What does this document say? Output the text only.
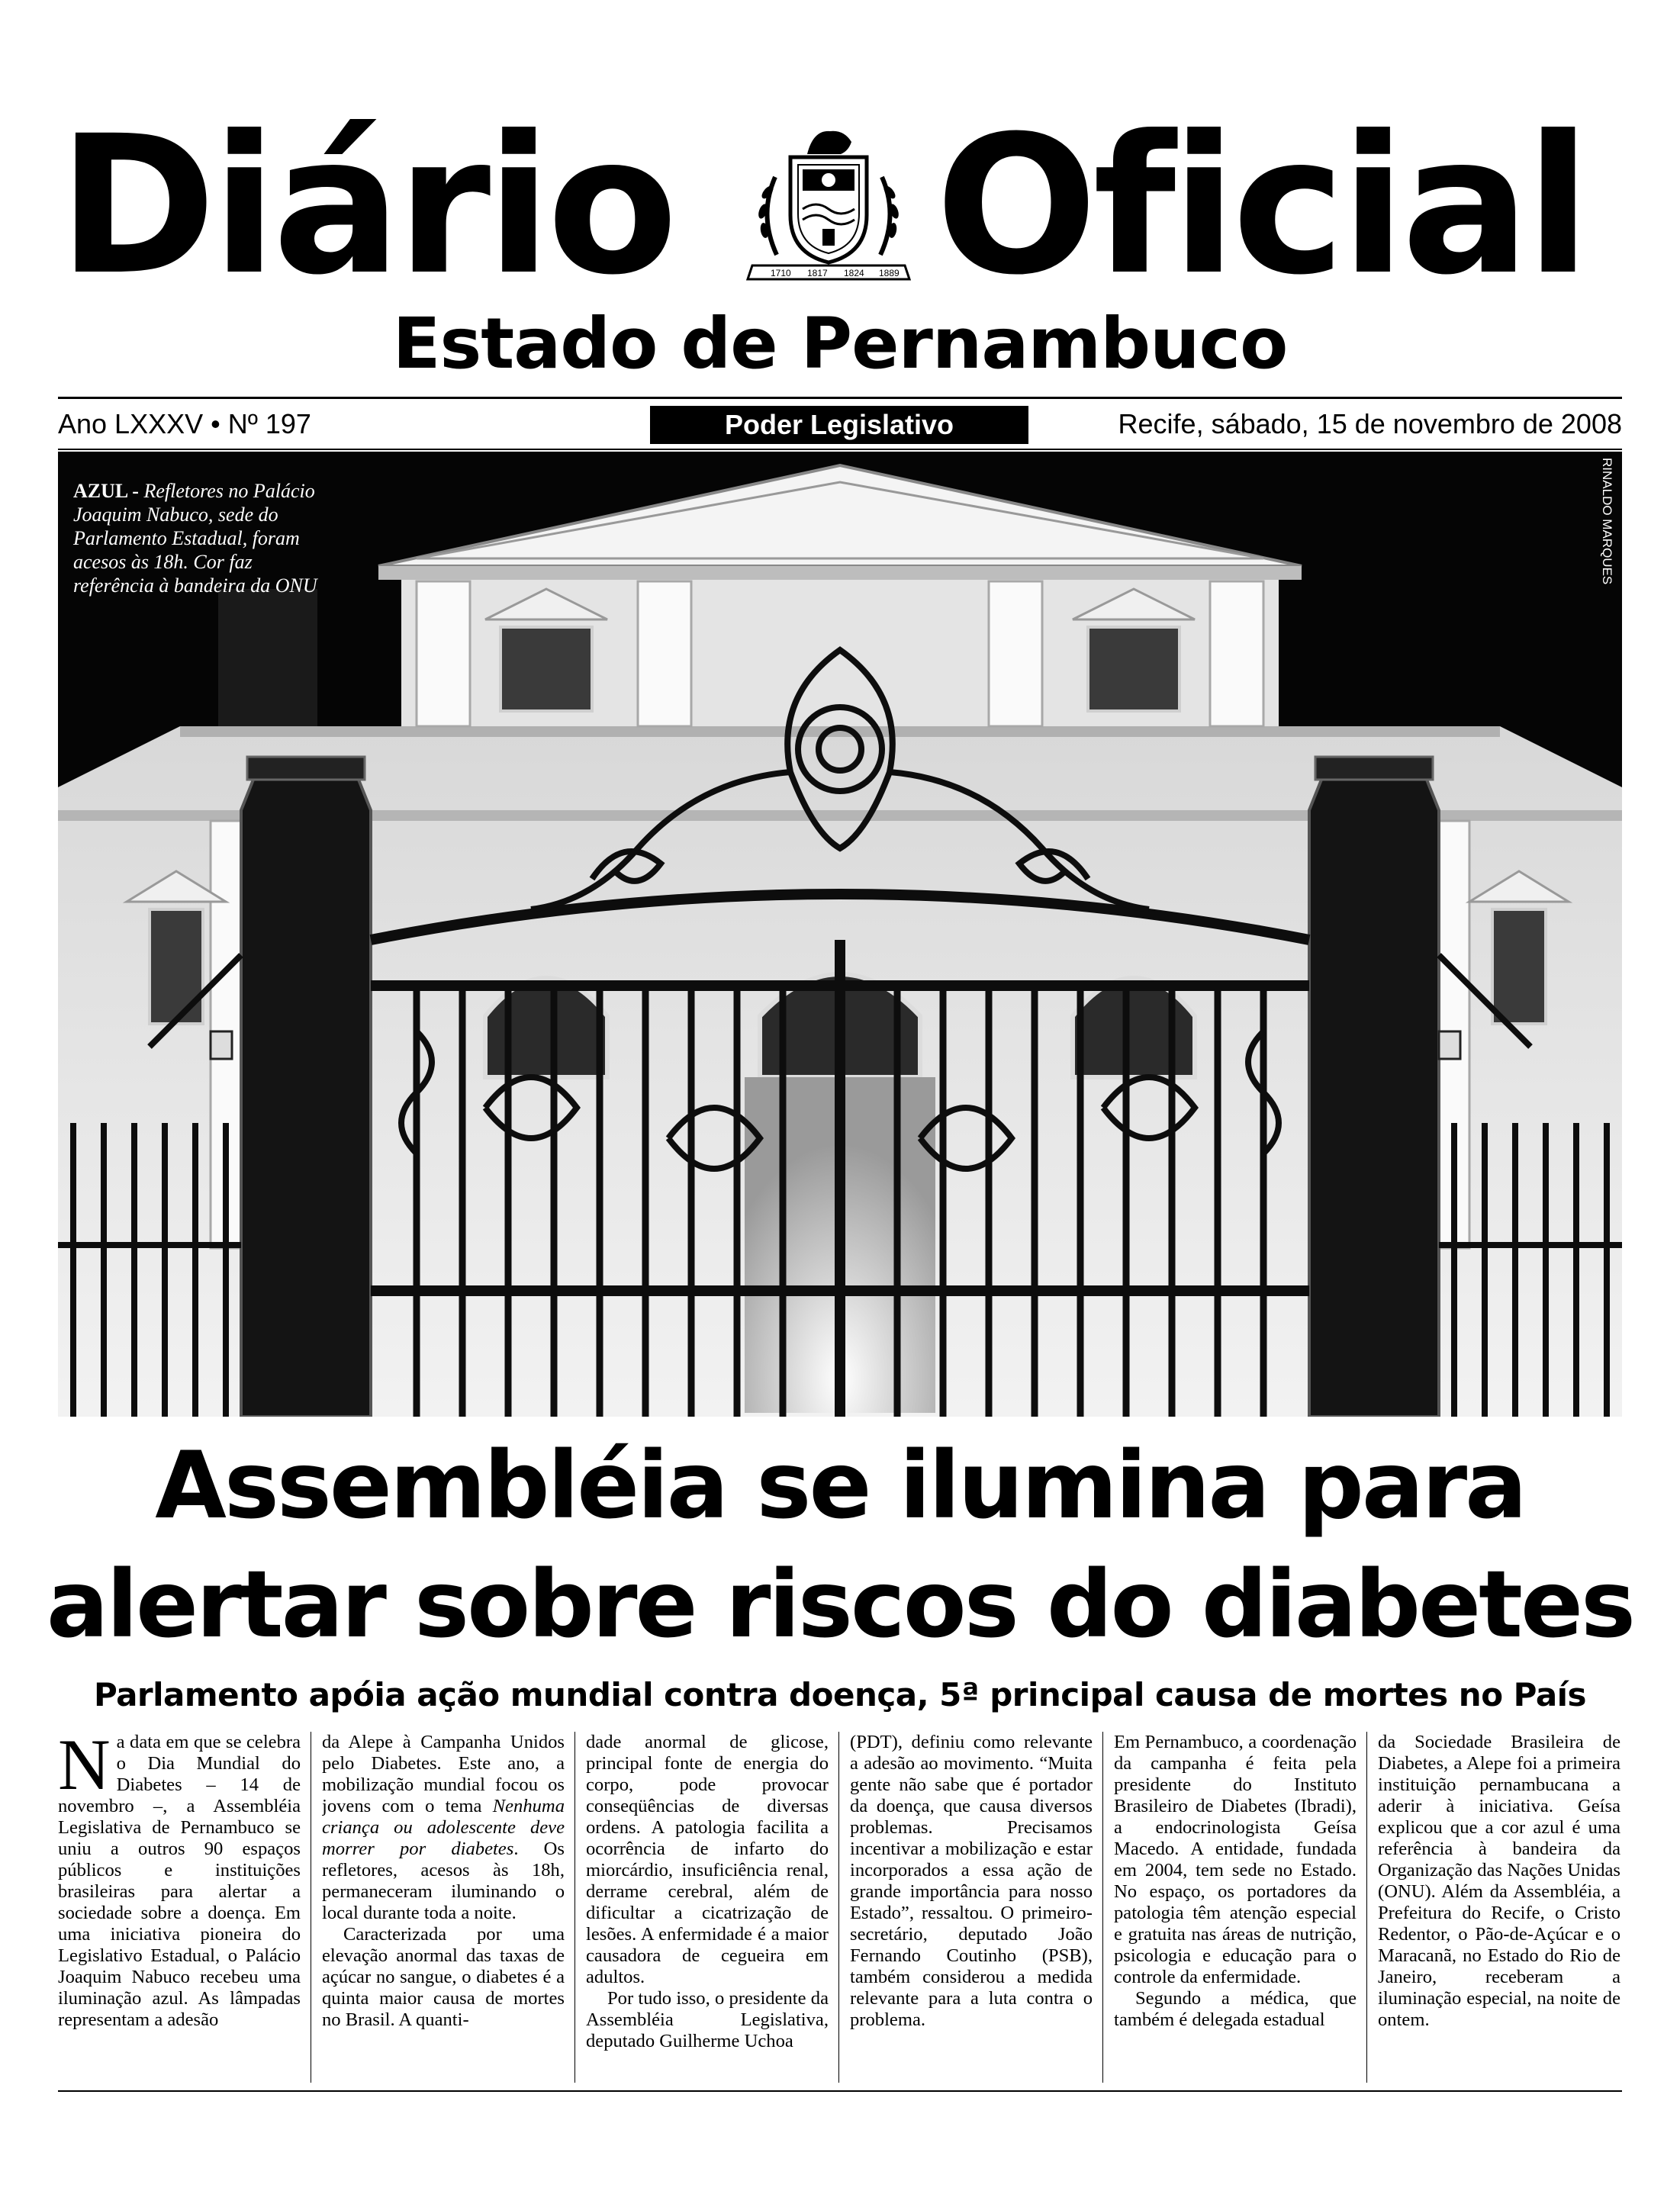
Diário	1710 1817 1824 1889 Oficial
Estado de Pernambuco
Ano LXXXV • Nº 197	Poder Legislativo	Recife, sábado, 15 de novembro de 2008
AZUL - Refletores no Palácio Joaquim Nabuco, sede do Parlamento Estadual, foram acesos às 18h. Cor faz referência à bandeira da ONU
RINALDO MARQUES
Assembléia se ilumina para
alertar sobre riscos do diabetes
Parlamento apóia ação mundial contra doença, 5ª principal causa de mortes no País

Na data em que se celebra o Dia Mundial do Diabetes – 14 de novembro –, a Assembléia Legislativa de Pernambuco se uniu a outros 90 espaços públicos e instituições brasileiras para alertar a sociedade sobre a doença. Em uma iniciativa pioneira do Legislativo Estadual, o Palácio Joaquim Nabuco recebeu uma iluminação azul. As lâmpadas representam a adesão

da Alepe à Campanha Unidos pelo Diabetes. Este ano, a mobilização mundial focou os jovens com o tema Nenhuma criança ou adolescente deve morrer por diabetes. Os refletores, acesos às 18h, permaneceram iluminando o local durante toda a noite.

Caracterizada por uma elevação anormal das taxas de açúcar no sangue, o diabetes é a quinta maior causa de mortes no Brasil. A quanti-

dade anormal de glicose, principal fonte de energia do corpo, pode provocar conseqüências de diversas ordens. A patologia facilita a ocorrência de infarto do miorcárdio, insuficiência renal, derrame cerebral, além de dificultar a cicatrização de lesões. A enfermidade é a maior causadora de cegueira em adultos.

Por tudo isso, o presidente da Assembléia Legislativa, deputado Guilherme Uchoa

(PDT), definiu como relevante a adesão ao movimento. “Muita gente não sabe que é portador da doença, que causa diversos problemas. Precisamos incentivar a mobilização e estar incorporados a essa ação de grande importância para nosso Estado”, ressaltou. O primeiro-secretário, deputado João Fernando Coutinho (PSB), também considerou a medida relevante para a luta contra o problema.

Em Pernambuco, a coordenação da campanha é feita pela presidente do Instituto Brasileiro de Diabetes (Ibradi), a endocrinologista Geísa Macedo. A entidade, fundada em 2004, tem sede no Estado. No espaço, os portadores da patologia têm atenção especial e gratuita nas áreas de nutrição, psicologia e educação para o controle da enfermidade.

Segundo a médica, que também é delegada estadual

da Sociedade Brasileira de Diabetes, a Alepe foi a primeira instituição pernambucana a aderir à iniciativa. Geísa explicou que a cor azul é uma referência à bandeira da Organização das Nações Unidas (ONU). Além da Assembléia, a Prefeitura do Recife, o Cristo Redentor, o Pão-de-Açúcar e o Maracanã, no Estado do Rio de Janeiro, receberam a iluminação especial, na noite de ontem.
